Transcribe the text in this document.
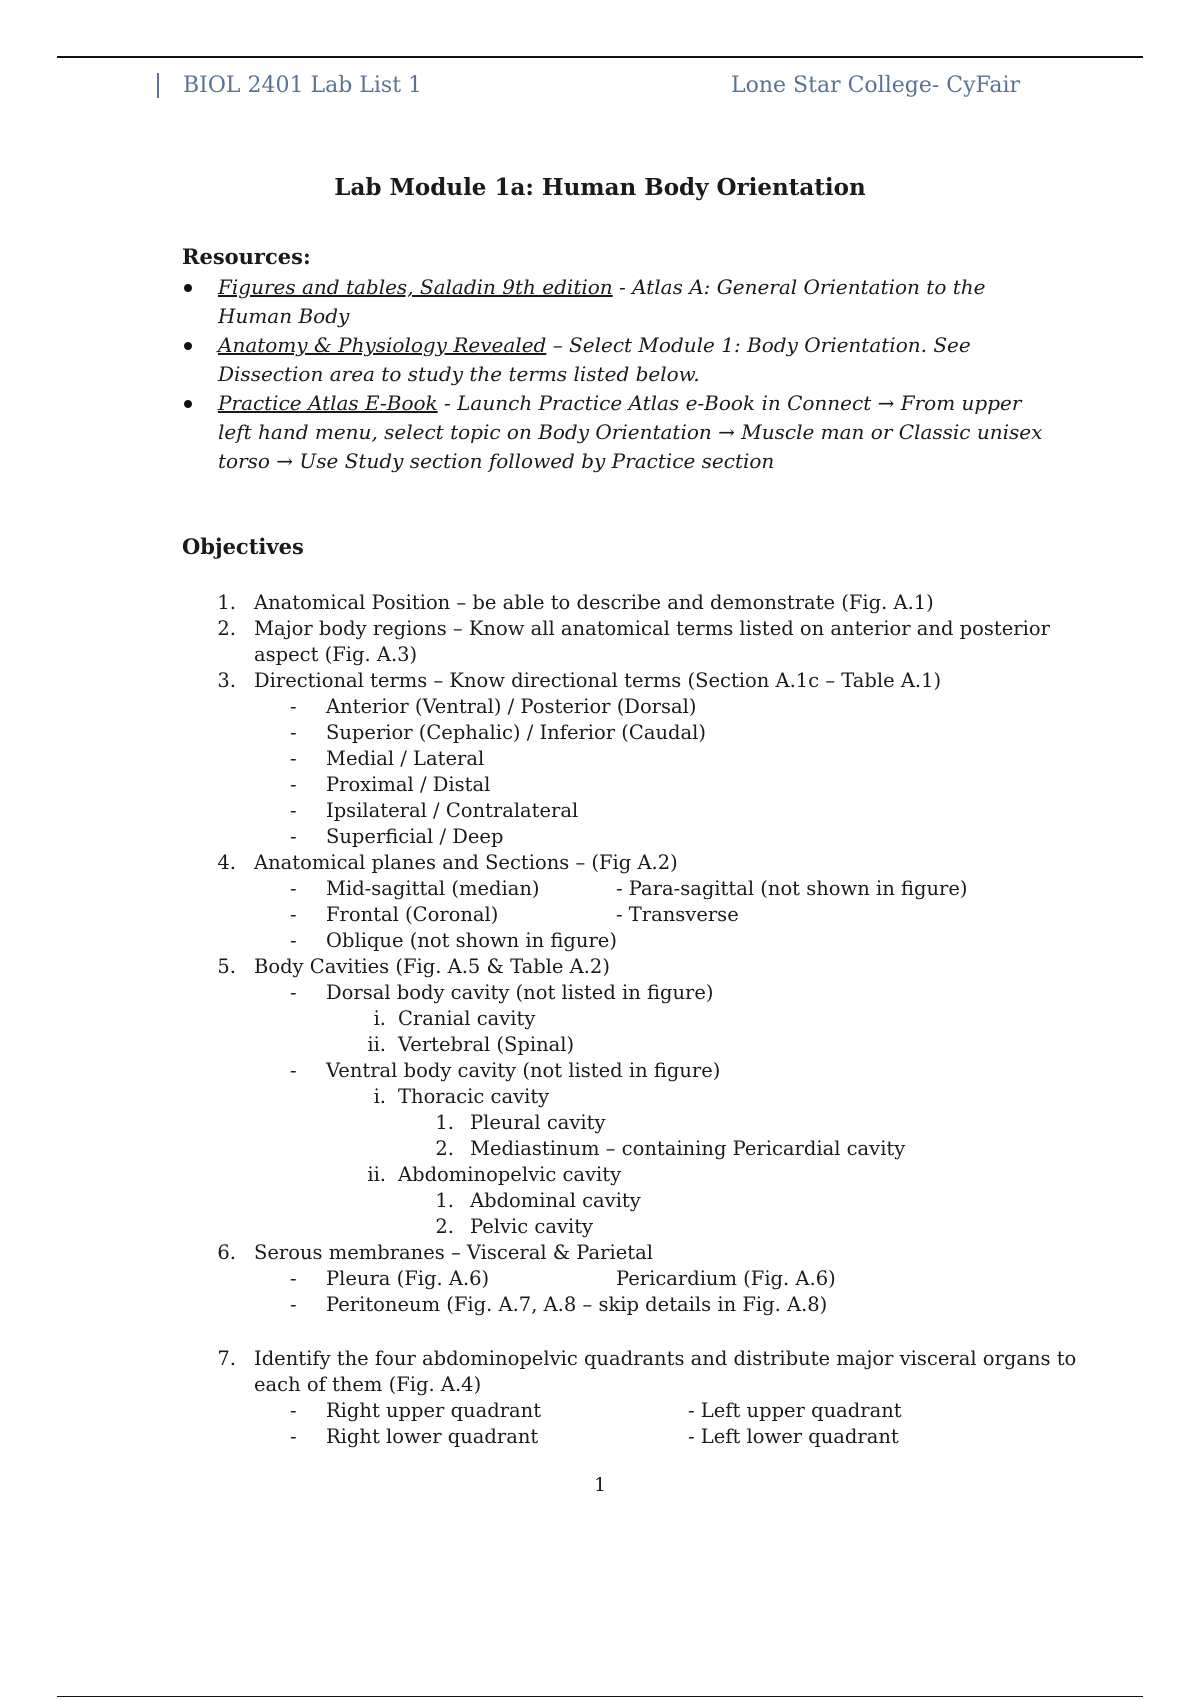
BIOL 2401 Lab List 1	Lone Star College- CyFair
Lab Module 1a: Human Body Orientation
Resources:
Figures and tables, Saladin 9th edition - Atlas A: General Orientation to the Human Body
Anatomy & Physiology Revealed – Select Module 1: Body Orientation. See Dissection area to study the terms listed below.
Practice Atlas E-Book - Launch Practice Atlas e-Book in Connect → From upper left hand menu, select topic on Body Orientation → Muscle man or Classic unisex torso → Use Study section followed by Practice section
Objectives
1. Anatomical Position – be able to describe and demonstrate (Fig. A.1)
2. Major body regions – Know all anatomical terms listed on anterior and posterior
aspect (Fig. A.3)
3. Directional terms – Know directional terms (Section A.1c – Table A.1)
- Anterior (Ventral) / Posterior (Dorsal)
- Superior (Cephalic) / Inferior (Caudal)
- Medial / Lateral
- Proximal / Distal
- Ipsilateral / Contralateral
- Superficial / Deep
4. Anatomical planes and Sections – (Fig A.2)
- Mid-sagittal (median)	- Para-sagittal (not shown in figure)
- Frontal (Coronal)	- Transverse
- Oblique (not shown in figure)
5. Body Cavities (Fig. A.5 & Table A.2)
- Dorsal body cavity (not listed in figure)
i. Cranial cavity
ii. Vertebral (Spinal)
- Ventral body cavity (not listed in figure)
i. Thoracic cavity
1. Pleural cavity
2. Mediastinum – containing Pericardial cavity
ii. Abdominopelvic cavity
1. Abdominal cavity
2. Pelvic cavity
6. Serous membranes – Visceral & Parietal
- Pleura (Fig. A.6)	Pericardium (Fig. A.6)
- Peritoneum (Fig. A.7, A.8 – skip details in Fig. A.8)
7. Identify the four abdominopelvic quadrants and distribute major visceral organs to
each of them (Fig. A.4)
- Right upper quadrant	- Left upper quadrant
- Right lower quadrant	- Left lower quadrant
1
